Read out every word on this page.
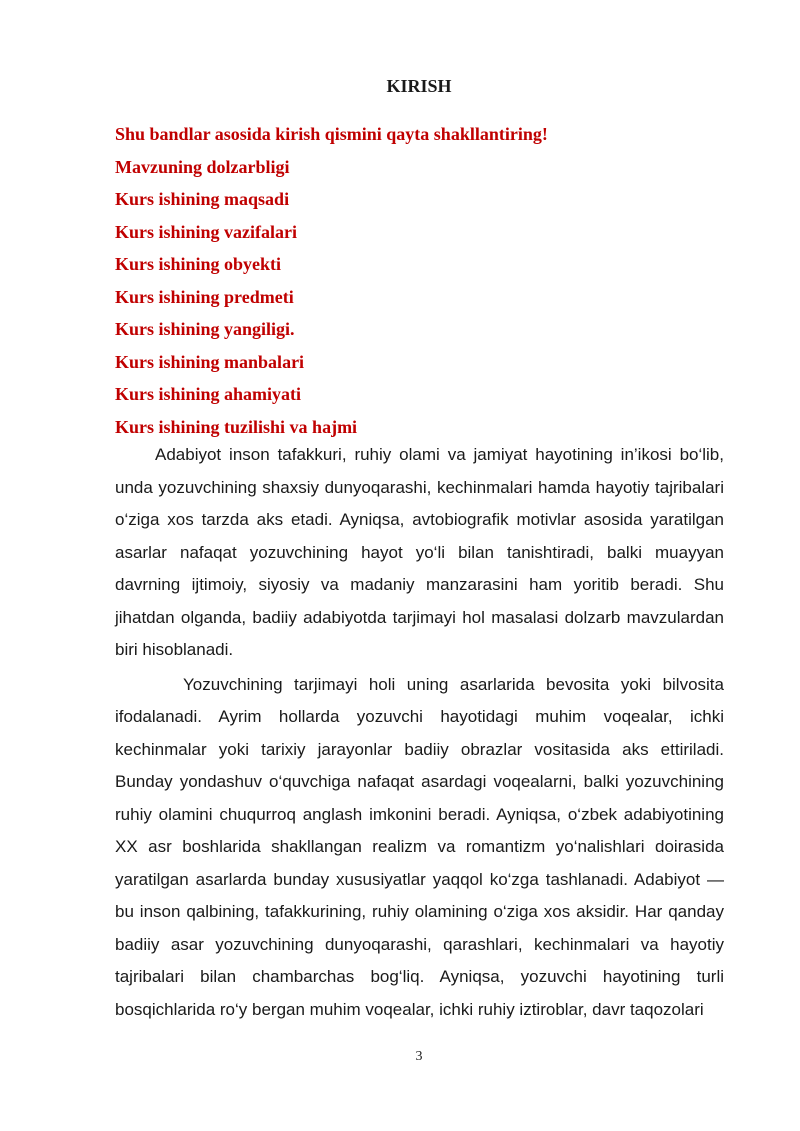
KIRISH
Shu bandlar asosida kirish qismini qayta shakllantiring!
Mavzuning dolzarbligi
Kurs ishining maqsadi
Kurs ishining vazifalari
Kurs ishining obyekti
Kurs ishining predmeti
Kurs ishining yangiligi.
Kurs ishining manbalari
Kurs ishining ahamiyati
Kurs ishining tuzilishi va hajmi

Adabiyot inson tafakkuri, ruhiy olami va jamiyat hayotining in’ikosi bo‘lib, unda yozuvchining shaxsiy dunyoqarashi, kechinmalari hamda hayotiy tajribalari o‘ziga xos tarzda aks etadi. Ayniqsa, avtobiografik motivlar asosida yaratilgan asarlar nafaqat yozuvchining hayot yo‘li bilan tanishtiradi, balki muayyan davrning ijtimoiy, siyosiy va madaniy manzarasini ham yoritib beradi. Shu jihatdan olganda, badiiy adabiyotda tarjimayi hol masalasi dolzarb mavzulardan biri hisoblanadi.

Yozuvchining tarjimayi holi uning asarlarida bevosita yoki bilvosita ifodalanadi. Ayrim hollarda yozuvchi hayotidagi muhim voqealar, ichki kechinmalar yoki tarixiy jarayonlar badiiy obrazlar vositasida aks ettiriladi. Bunday yondashuv o‘quvchiga nafaqat asardagi voqealarni, balki yozuvchining ruhiy olamini chuqurroq anglash imkonini beradi. Ayniqsa, o‘zbek adabiyotining XX asr boshlarida shakllangan realizm va romantizm yo‘nalishlari doirasida yaratilgan asarlarda bunday xususiyatlar yaqqol ko‘zga tashlanadi. Adabiyot — bu inson qalbining, tafakkurining, ruhiy olamining o‘ziga xos aksidir. Har qanday badiiy asar yozuvchining dunyoqarashi, qarashlari, kechinmalari va hayotiy tajribalari bilan chambarchas bog‘liq. Ayniqsa, yozuvchi hayotining turli bosqichlarida ro‘y bergan muhim voqealar, ichki ruhiy iztiroblar, davr taqozolari

3
